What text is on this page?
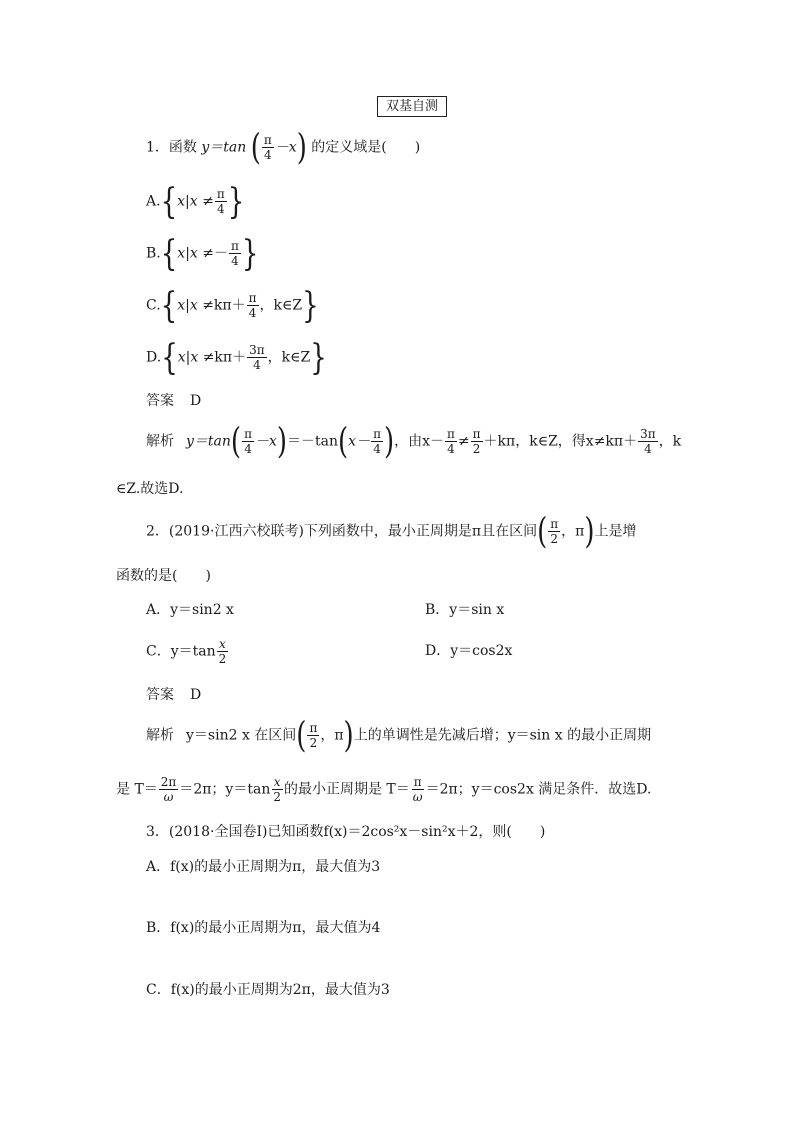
双基自测
1．函数 y＝tan ( $\frac{\pi}{4} -x$) 的定义域是(　　)
$A.\{x|x \ne \frac{\pi}{4}$ }
$B.\{x|x \ne- \frac{\pi}{4}$ }
$C.\{x|x \ne k\pi+ \frac{\pi}{4}$ ，k∈Z}
$D.\{x|x \ne k\pi+ \frac{3\pi}{4}$ ，k∈Z}
答案 D
解析 $y=\tan( \frac{\pi}{4} -x)=-\tan(x- \frac{\pi}{4}$ )，由$x- \frac{\pi}{4} \ne \frac{\pi}{2} +k\pi$，k∈Z，得$x\ne k\pi+ \frac{3\pi}{4}$ ，k
∈Z.故选D.
2．(2019·江西六校联考)下列函数中，最小正周期是π且在区间( $\frac{\pi}{2}$ ，π)上是增
函数的是(　　)
A．y＝sin2 x	B．y＝sin x
C．$y=\tan \frac{x}{2}$	D．y＝cos2x
答案 D
解析 y＝sin2 x 在区间( $\frac{\pi}{2}$ ，π)上的单调性是先减后增；y＝sin x 的最小正周期
是 $T= \frac{2\pi}{\omega} =2\pi$；$y=\tan \frac{x}{2}$ 的最小正周期是 $T= \frac{\pi}{\omega} =2\pi$；y＝cos2x 满足条件．故选D.
3．(2018·全国卷Ⅰ)已知函数f(x)＝2cos²x－sin²x＋2，则(　　)
A．f(x)的最小正周期为π，最大值为3
B．f(x)的最小正周期为π，最大值为4
C．f(x)的最小正周期为2π，最大值为3
